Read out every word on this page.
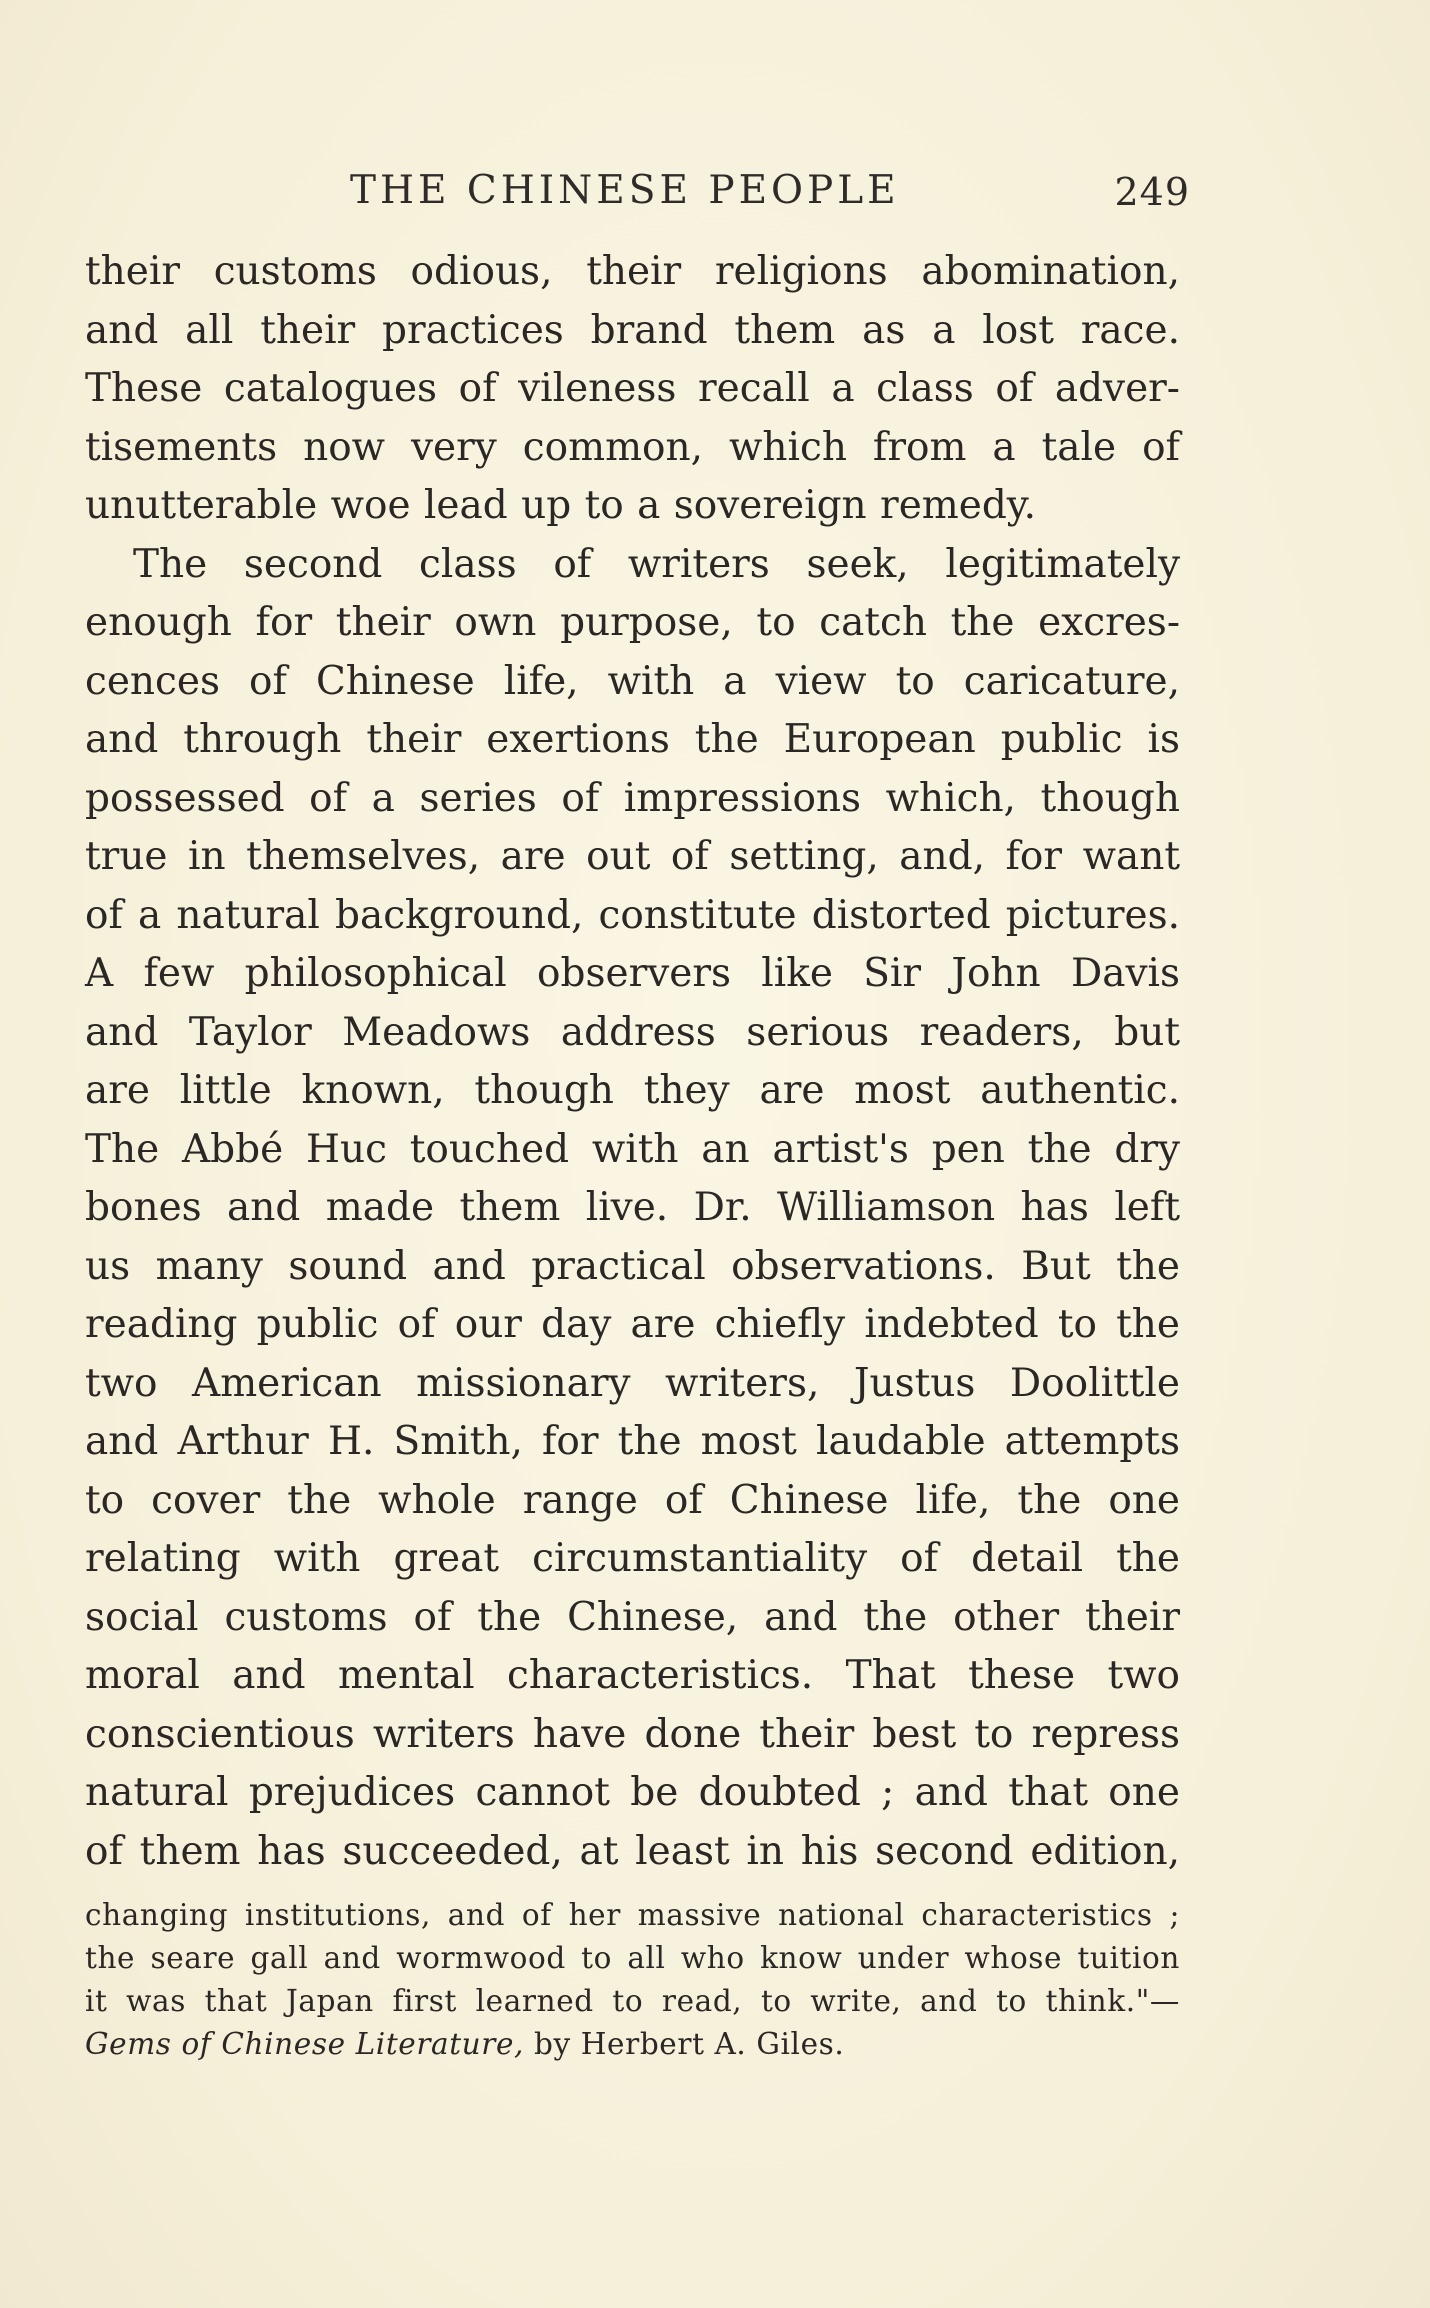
THE CHINESE PEOPLE	249
their customs odious, their religions abomination,
and all their practices brand them as a lost race.
These catalogues of vileness recall a class of adver-
tisements now very common, which from a tale of
unutterable woe lead up to a sovereign remedy.
The second class of writers seek, legitimately
enough for their own purpose, to catch the excres-
cences of Chinese life, with a view to caricature,
and through their exertions the European public is
possessed of a series of impressions which, though
true in themselves, are out of setting, and, for want
of a natural background, constitute distorted pictures.
A few philosophical observers like Sir John Davis
and Taylor Meadows address serious readers, but
are little known, though they are most authentic.
The Abbé Huc touched with an artist's pen the dry
bones and made them live. Dr. Williamson has left
us many sound and practical observations. But the
reading public of our day are chiefly indebted to the
two American missionary writers, Justus Doolittle
and Arthur H. Smith, for the most laudable attempts
to cover the whole range of Chinese life, the one
relating with great circumstantiality of detail the
social customs of the Chinese, and the other their
moral and mental characteristics. That these two
conscientious writers have done their best to repress
natural prejudices cannot be doubted ; and that one
of them has succeeded, at least in his second edition,
changing institutions, and of her massive national characteristics ;
the seare gall and wormwood to all who know under whose tuition
it was that Japan first learned to read, to write, and to think."—
Gems of Chinese Literature, by Herbert A. Giles.
